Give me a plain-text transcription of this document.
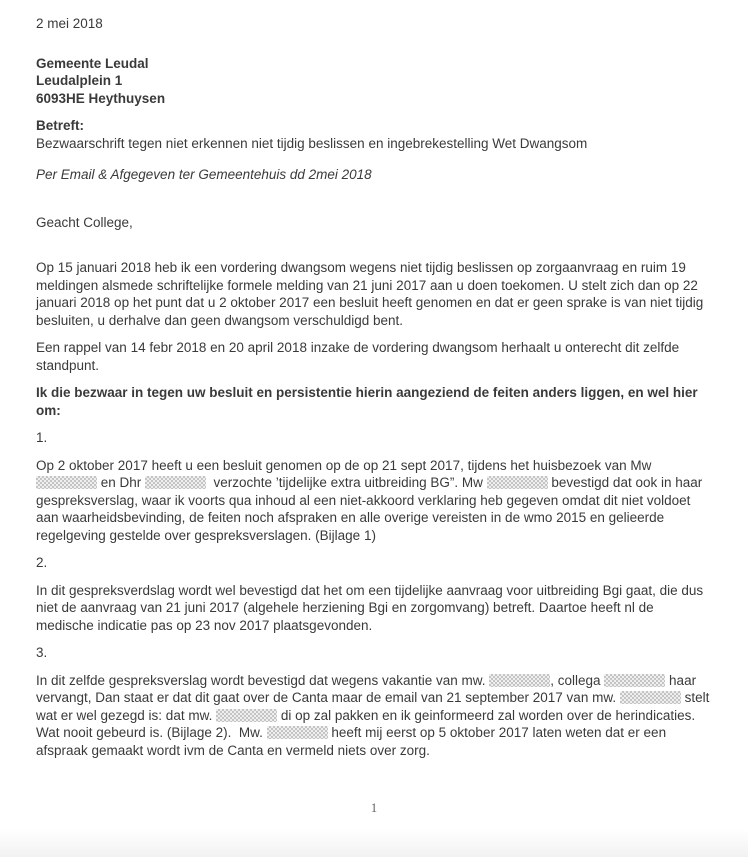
2 mei 2018

Gemeente Leudal

Leudalplein 1

6093HE Heythuysen

Betreft:

Bezwaarschrift tegen niet erkennen niet tijdig beslissen en ingebrekestelling Wet Dwangsom

Per Email & Afgegeven ter Gemeentehuis dd 2mei 2018

Geacht College,

Op 15 januari 2018 heb ik een vordering dwangsom wegens niet tijdig beslissen op zorgaanvraag en ruim 19 meldingen alsmede schriftelijke formele melding van 21 juni 2017 aan u doen toekomen. U stelt zich dan op 22 januari 2018 op het punt dat u 2 oktober 2017 een besluit heeft genomen en dat er geen sprake is van niet tijdig besluiten, u derhalve dan geen dwangsom verschuldigd bent.

Een rappel van 14 febr 2018 en 20 april 2018 inzake de vordering dwangsom herhaalt u onterecht dit zelfde standpunt.

Ik die bezwaar in tegen uw besluit en persistentie hierin aangeziend de feiten anders liggen, en wel hier om:

1.

Op 2 oktober 2017 heeft u een besluit genomen op de op 21 sept 2017, tijdens het huisbezoek van Mw  en Dhr	verzochte ’tijdelijke extra uitbreiding BG”. Mw	bevestigd dat ook in haar gespreksverslag, waar ik voorts qua inhoud al een niet-akkoord verklaring heb gegeven omdat dit niet voldoet aan waarheidsbevinding, de feiten noch afspraken en alle overige vereisten in de wmo 2015 en gelieerde regelgeving gestelde over gespreksverslagen. (Bijlage 1)

2.

In dit gespreksverdslag wordt wel bevestigd dat het om een tijdelijke aanvraag voor uitbreiding Bgi gaat, die dus niet de aanvraag van 21 juni 2017 (algehele herziening Bgi en zorgomvang) betreft. Daartoe heeft nl de medische indicatie pas op 23 nov 2017 plaatsgevonden.

3.

In dit zelfde gespreksverslag wordt bevestigd dat wegens vakantie van mw.	, collega	haar vervangt, Dan staat er dat dit gaat over de Canta maar de email van 21 september 2017 van mw.	stelt wat er wel gezegd is: dat mw.	di op zal pakken en ik geinformeerd zal worden over de herindicaties. Wat nooit gebeurd is. (Bijlage 2).  Mw.	heeft mij eerst op 5 oktober 2017 laten weten dat er een afspraak gemaakt wordt ivm de Canta en vermeld niets over zorg.

1
